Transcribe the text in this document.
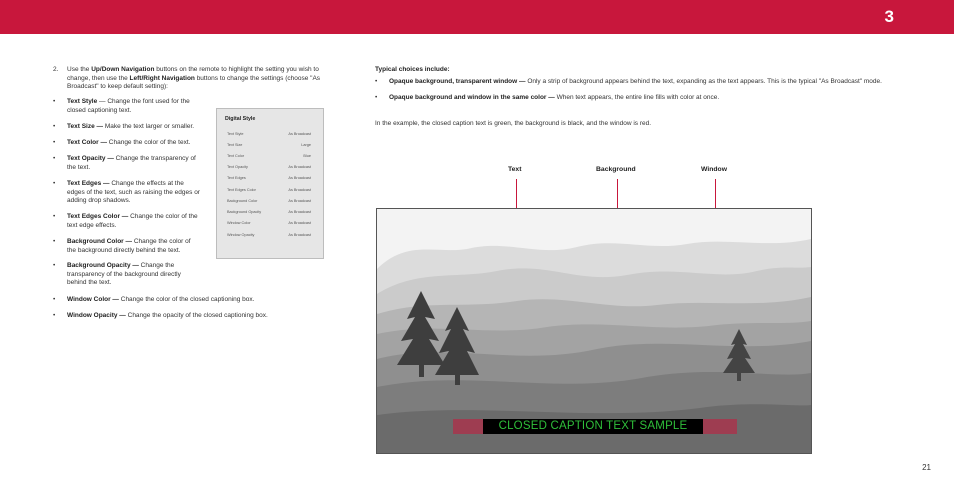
3
2.	Use the Up/Down Navigation buttons on the remote to highlight the setting you wish to change, then use the Left/Right Navigation buttons to change the settings (choose "As Broadcast" to keep default setting):
•	Text Style — Change the font used for the closed captioning text.
•	Text Size — Make the text larger or smaller.
•	Text Color — Change the color of the text.
•	Text Opacity — Change the transparency of the text.
•	Text Edges — Change the effects at the edges of the text, such as raising the edges or adding drop shadows.
•	Text Edges Color — Change the color of the text edge effects.
•	Background Color — Change the color of the background directly behind the text.
•	Background Opacity — Change the transparency of the background directly behind the text.
•	Window Color — Change the color of the closed captioning box.
•	Window Opacity — Change the opacity of the closed captioning box.
Digital Style
Text Style	As Broadcast
Text Size	Large
Text Color	Blue
Text Opacity	As Broadcast
Text Edges	As Broadcast
Text Edges Color	As Broadcast
Background Color	As Broadcast
Background Opacity	As Broadcast
Window Color	As Broadcast
Window Opacity	As Broadcast
Typical choices include:
•	Opaque background, transparent window — Only a strip of background appears behind the text, expanding as the text appears. This is the typical "As Broadcast" mode.
•	Opaque background and window in the same color — When text appears, the entire line fills with color at once.
In the example, the closed caption text is green, the background is black, and the window is red.
Text	Background	Window
CLOSED CAPTION TEXT SAMPLE
21
